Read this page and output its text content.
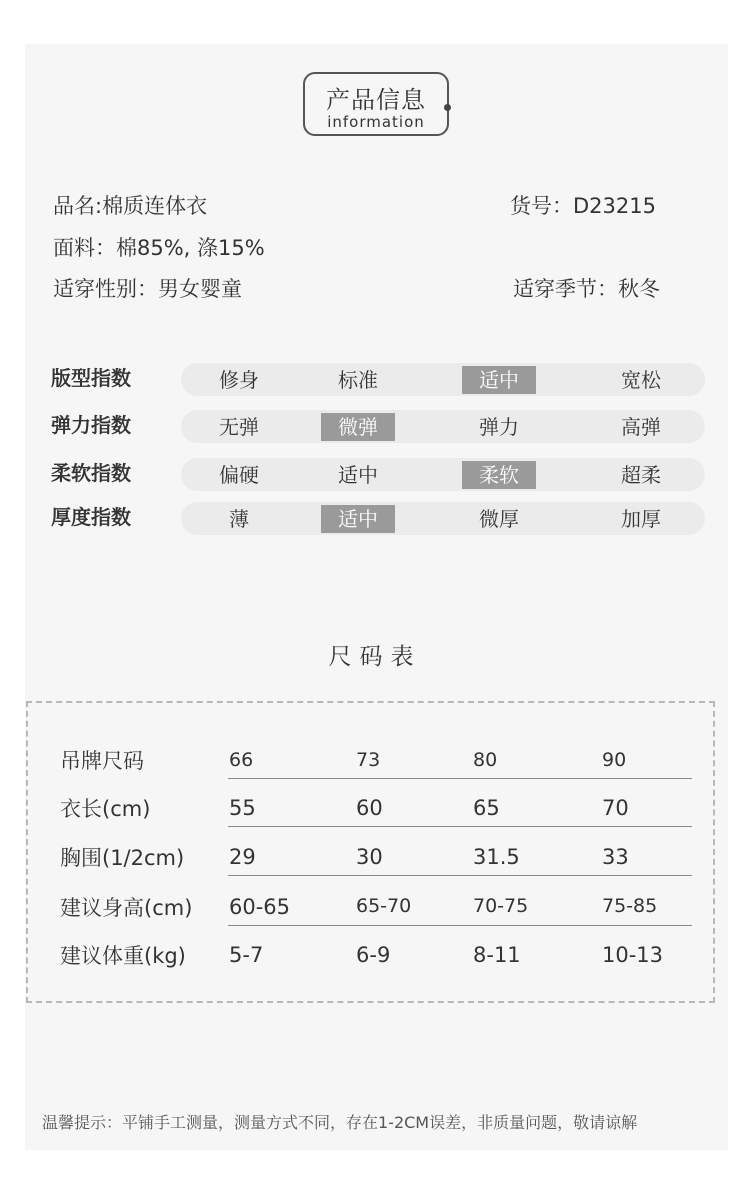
产品信息
information
品名:棉质连体衣	货号：D23215
面料：棉85%, 涤15%
适穿性别：男女婴童	适穿季节：秋冬
版型指数	修身	标准	适中	宽松
弹力指数	无弹	微弹	弹力	高弹
柔软指数	偏硬	适中	柔软	超柔
厚度指数	薄	适中	微厚	加厚
尺码表
吊牌尺码	66	73	80	90
衣长(cm)	55	60	65	70
胸围(1/2cm) 29	30	31.5	33
建议身高(cm) 60-65	65-70	70-75	75-85
建议体重(kg) 5-7	6-9	8-11	10-13
温馨提示：平铺手工测量，测量方式不同，存在1-2CM误差，非质量问题，敬请谅解
